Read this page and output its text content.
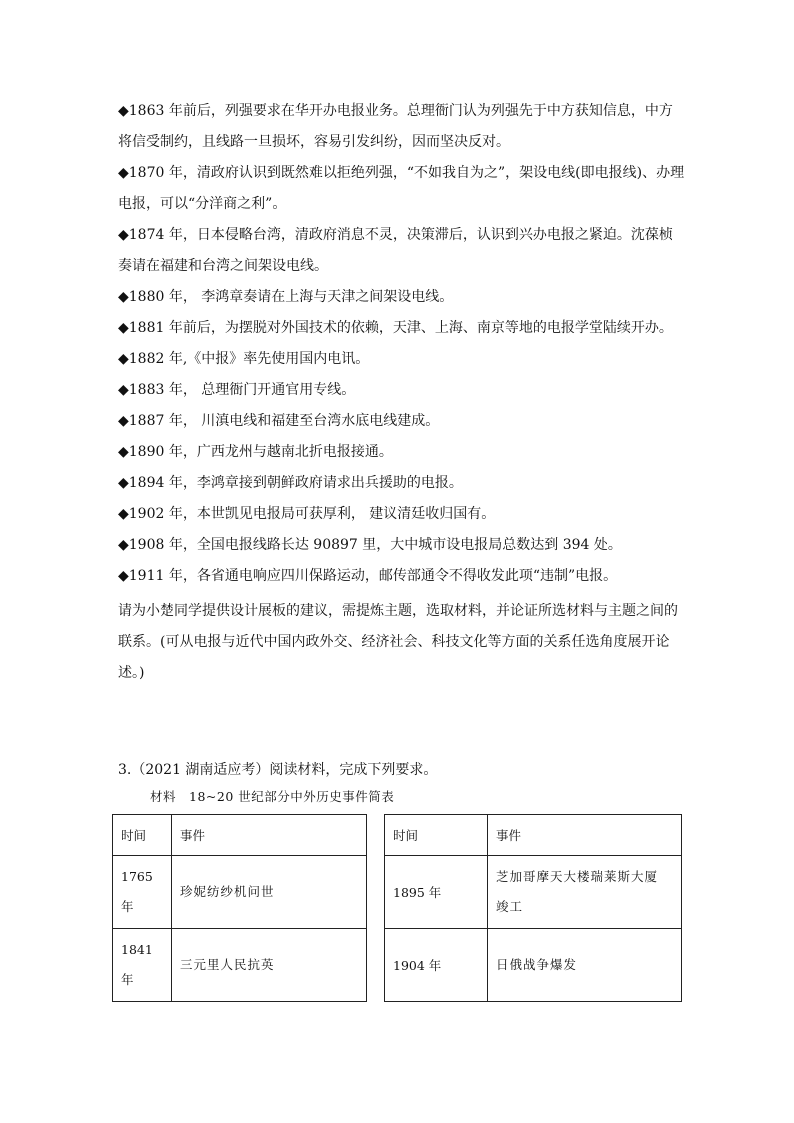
◆1863 年前后，列强要求在华开办电报业务。总理衙门认为列强先于中方获知信息，中方
将信受制约，且线路一旦损坏，容易引发纠纷，因而坚决反对。
◆1870 年，清政府认识到既然难以拒绝列强，“不如我自为之”，架设电线(即电报线)、办理
电报，可以“分洋商之利”。
◆1874 年，日本侵略台湾，清政府消息不灵，决策滞后，认识到兴办电报之紧迫。沈葆桢
奏请在福建和台湾之间架设电线。
◆1880 年， 李鸿章奏请在上海与天津之间架设电线。
◆1881 年前后，为摆脱对外国技术的依赖，天津、上海、南京等地的电报学堂陆续开办。
◆1882 年,《中报》率先使用国内电讯。
◆1883 年， 总理衙门开通官用专线。
◆1887 年， 川滇电线和福建至台湾水底电线建成。
◆1890 年，广西龙州与越南北折电报接通。
◆1894 年，李鸿章接到朝鲜政府请求出兵援助的电报。
◆1902 年，本世凯见电报局可获厚利， 建议清廷收归国有。
◆1908 年，全国电报线路长达 90897 里，大中城市设电报局总数达到 394 处。
◆1911 年，各省通电响应四川保路运动，邮传部通令不得收发此项“违制”电报。
请为小楚同学提供设计展板的建议，需提炼主题，选取材料，并论证所选材料与主题之间的
联系。(可从电报与近代中国内政外交、经济社会、科技文化等方面的关系任选角度展开论
述。)
3.（2021 湖南适应考）阅读材料，完成下列要求。
材料　18~20 世纪部分中外历史事件简表
时间	事件

1765
年	珍妮纺纱机问世

1841
年	三元里人民抗英
时间	事件
1895 年	芝加哥摩天大楼瑞莱斯大厦
竣工

1904 年	日俄战争爆发
